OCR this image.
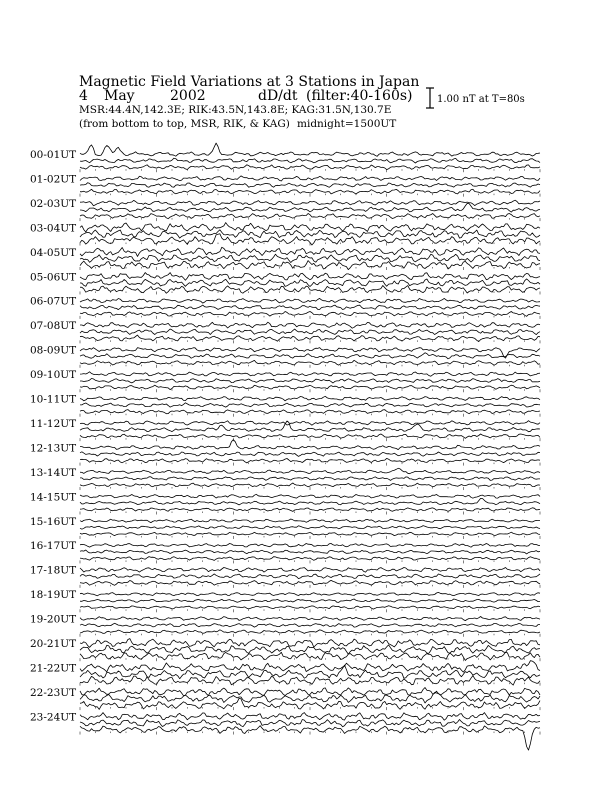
Magnetic Field Variations at 3 Stations in Japan
4 May	2002	dD/dt (filter:40-160s)
MSR:44.4N,142.3E; RIK:43.5N,143.8E; KAG:31.5N,130.7E
(from bottom to top, MSR, RIK, & KAG) midnight=1500UT
1.00 nT at T=80s
00-01UT
01-02UT
02-03UT
03-04UT
04-05UT
05-06UT
06-07UT
07-08UT
08-09UT
09-10UT
10-11UT
11-12UT
12-13UT
13-14UT
14-15UT
15-16UT
16-17UT
17-18UT
18-19UT
19-20UT
20-21UT
21-22UT
22-23UT
23-24UT
